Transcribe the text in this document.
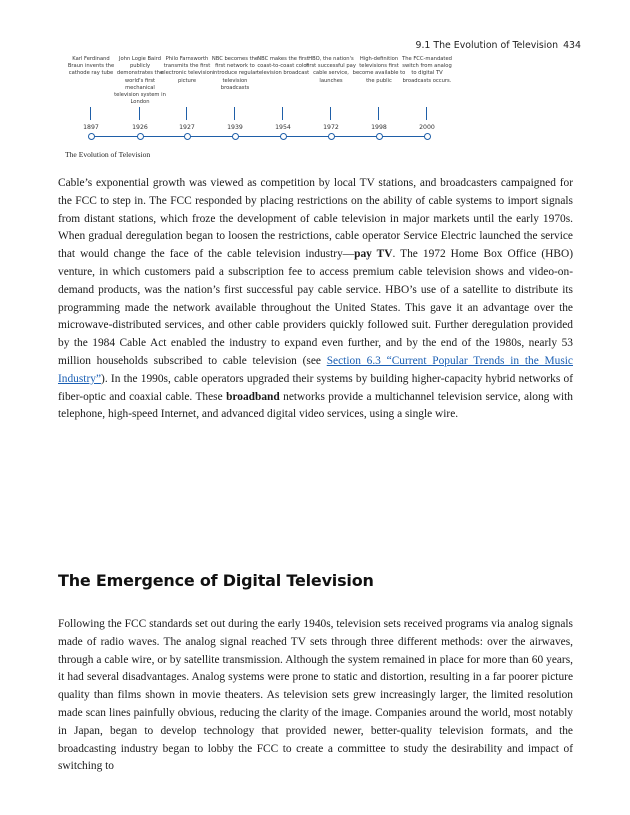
9.1 The Evolution of Television 434
Karl Ferdinand Braun invents the cathode ray tube
1897
John Logie Baird publicly demonstrates the world's first mechanical television system in London
1926
Philo Farnsworth transmits the first electronic television picture
1927
NBC becomes the first network to introduce regular television broadcasts
1939
NBC makes the first coast-to-coast color television broadcast
1954
HBO, the nation's first successful pay cable service, launches
1972
High-definition televisions first become available to the public
1998
The FCC-mandated switch from analog to digital TV broadcasts occurs.
2000
The Evolution of Television

Cable’s exponential growth was viewed as competition by local TV stations, and broadcasters campaigned for the FCC to step in. The FCC responded by placing restrictions on the ability of cable systems to import signals from distant stations, which froze the development of cable television in major markets until the early 1970s. When gradual deregulation began to loosen the restrictions, cable operator Service Electric launched the service that would change the face of the cable television industry—pay TV. The 1972 Home Box Office (HBO) venture, in which customers paid a subscription fee to access premium cable television shows and video-on-demand products, was the nation’s first successful pay cable service. HBO’s use of a satellite to distribute its programming made the network available throughout the United States. This gave it an advantage over the microwave-distributed services, and other cable providers quickly followed suit. Further deregulation provided by the 1984 Cable Act enabled the industry to expand even further, and by the end of the 1980s, nearly 53 million households subscribed to cable television (see Section 6.3 “Current Popular Trends in the Music Industry”). In the 1990s, cable operators upgraded their systems by building higher-capacity hybrid networks of fiber-optic and coaxial cable. These broadband networks provide a multichannel television service, along with telephone, high-speed Internet, and advanced digital video services, using a single wire.

The Emergence of Digital Television

Following the FCC standards set out during the early 1940s, television sets received programs via analog signals made of radio waves. The analog signal reached TV sets through three different methods: over the airwaves, through a cable wire, or by satellite transmission. Although the system remained in place for more than 60 years, it had several disadvantages. Analog systems were prone to static and distortion, resulting in a far poorer picture quality than films shown in movie theaters. As television sets grew increasingly larger, the limited resolution made scan lines painfully obvious, reducing the clarity of the image. Companies around the world, most notably in Japan, began to develop technology that provided newer, better-quality television formats, and the broadcasting industry began to lobby the FCC to create a committee to study the desirability and impact of switching to
